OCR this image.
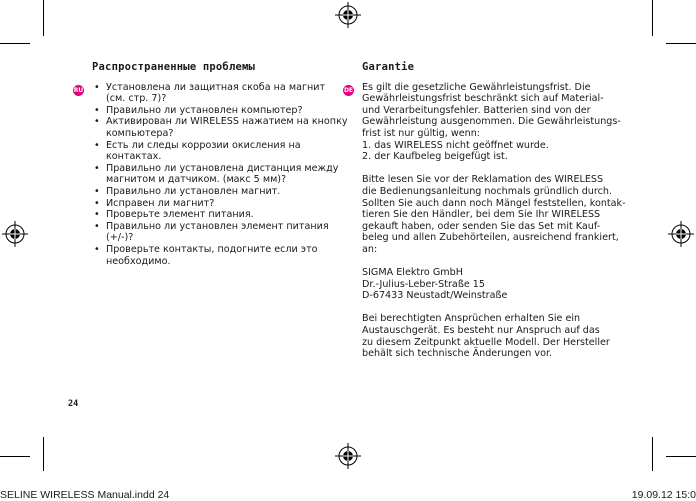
Распространенные проблемы
• Установлена ли защитная скоба на магнит
(см. стр. 7)?
• Правильно ли установлен компьютер?
• Активирован ли WIRELESS нажатием на кнопку
компьютера?
• Есть ли следы коррозии окисления на контактах.
• Правильно ли установлена дистанция между
магнитом и датчиком. (макс 5 мм)?
• Правильно ли установлен магнит.
• Исправен ли магнит?
• Проверьте элемент питания.
• Правильно ли установлен элемент питания (+/-)?
• Проверьте контакты, подогните если это
необходимо.
RU
Garantie
Es gilt die gesetzliche Gewährleistungsfrist. Die
Gewährleistungsfrist beschränkt sich auf Material-
und Verarbeitungsfehler. Batterien sind von der
Gewährleistung ausgenommen. Die Gewährleistungs-
frist ist nur gültig, wenn:
1. das WIRELESS nicht geöffnet wurde.
2. der Kaufbeleg beigefügt ist.
Bitte lesen Sie vor der Reklamation des WIRELESS
die Bedienungsanleitung nochmals gründlich durch.
Sollten Sie auch dann noch Mängel feststellen, kontak-
tieren Sie den Händler, bei dem Sie Ihr WIRELESS
gekauft haben, oder senden Sie das Set mit Kauf-
beleg und allen Zubehörteilen, ausreichend frankiert,
an:
SIGMA Elektro GmbH
Dr.-Julius-Leber-Straße 15
D-67433 Neustadt/Weinstraße
Bei berechtigten Ansprüchen erhalten Sie ein
Austauschgerät. Es besteht nur Anspruch auf das
zu diesem Zeitpunkt aktuelle Modell. Der Hersteller
behält sich technische Änderungen vor.
DE
24
SELINE WIRELESS Manual.indd 24	19.09.12 15:0
